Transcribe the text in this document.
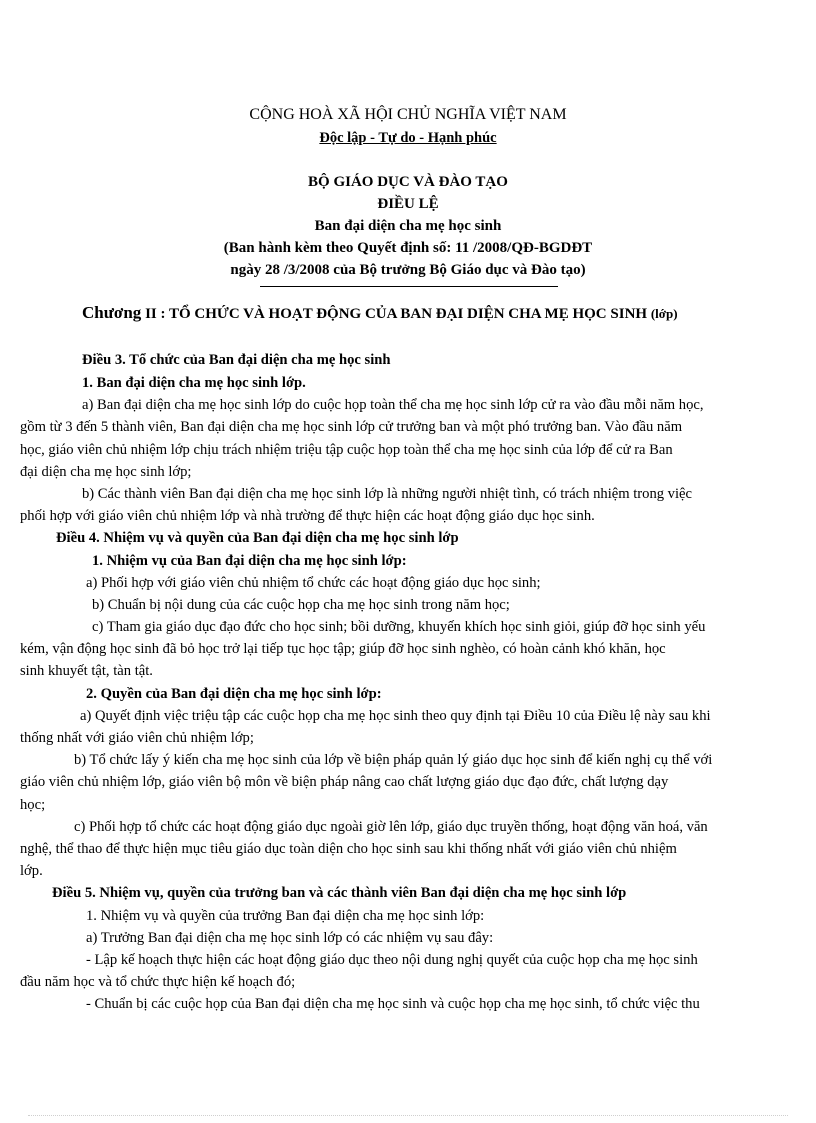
CỘNG HOÀ XÃ HỘI CHỦ NGHĨA VIỆT NAM
Độc lập - Tự do - Hạnh phúc
BỘ GIÁO DỤC VÀ ĐÀO TẠO
ĐIỀU LỆ
Ban đại diện cha mẹ học sinh
(Ban hành kèm theo Quyết định số: 11 /2008/QĐ-BGDĐT
ngày 28 /3/2008 của Bộ trưởng Bộ Giáo dục và Đào tạo)
Chương II : TỔ CHỨC VÀ HOẠT ĐỘNG CỦA BAN ĐẠI DIỆN CHA MẸ HỌC SINH (lớp)
Điều 3. Tổ chức của Ban đại diện cha mẹ học sinh
1. Ban đại diện cha mẹ học sinh lớp.
a) Ban đại diện cha mẹ học sinh lớp do cuộc họp toàn thể cha mẹ học sinh lớp cử ra vào đầu mỗi năm học,
gồm từ 3 đến 5 thành viên, Ban đại diện cha mẹ học sinh lớp cử trưởng ban và một phó trưởng ban. Vào đầu năm
học, giáo viên chủ nhiệm lớp chịu trách nhiệm triệu tập cuộc họp toàn thể cha mẹ học sinh của lớp để cử ra Ban
đại diện cha mẹ học sinh lớp;
b) Các thành viên Ban đại diện cha mẹ học sinh lớp là những người nhiệt tình, có trách nhiệm trong việc
phối hợp với giáo viên chủ nhiệm lớp và nhà trường để thực hiện các hoạt động giáo dục học sinh.
Điều 4. Nhiệm vụ và quyền của Ban đại diện cha mẹ học sinh lớp
1. Nhiệm vụ của Ban đại diện cha mẹ học sinh lớp:
a) Phối hợp với giáo viên chủ nhiệm tổ chức các hoạt động giáo dục học sinh;
b) Chuẩn bị nội dung của các cuộc họp cha mẹ học sinh trong năm học;
c) Tham gia giáo dục đạo đức cho học sinh; bồi dưỡng, khuyến khích học sinh giỏi, giúp đỡ học sinh yếu
kém, vận động học sinh đã bỏ học trở lại tiếp tục học tập; giúp đỡ học sinh nghèo, có hoàn cảnh khó khăn, học
sinh khuyết tật, tàn tật.
2. Quyền của Ban đại diện cha mẹ học sinh lớp:
a) Quyết định việc triệu tập các cuộc họp cha mẹ học sinh theo quy định tại Điều 10 của Điều lệ này sau khi
thống nhất với giáo viên chủ nhiệm lớp;
b) Tổ chức lấy ý kiến cha mẹ học sinh của lớp về biện pháp quản lý giáo dục học sinh để kiến nghị cụ thể với
giáo viên chủ nhiệm lớp, giáo viên bộ môn về biện pháp nâng cao chất lượng giáo dục đạo đức, chất lượng dạy
học;
c) Phối hợp tổ chức các hoạt động giáo dục ngoài giờ lên lớp, giáo dục truyền thống, hoạt động văn hoá, văn
nghệ, thể thao để thực hiện mục tiêu giáo dục toàn diện cho học sinh sau khi thống nhất với giáo viên chủ nhiệm
lớp.
Điều 5. Nhiệm vụ, quyền của trưởng ban và các thành viên Ban đại diện cha mẹ học sinh lớp
1. Nhiệm vụ và quyền của trưởng Ban đại diện cha mẹ học sinh lớp:
a) Trưởng Ban đại diện cha mẹ học sinh lớp có các nhiệm vụ sau đây:
- Lập kế hoạch thực hiện các hoạt động giáo dục theo nội dung nghị quyết của cuộc họp cha mẹ học sinh
đầu năm học và tổ chức thực hiện kế hoạch đó;
- Chuẩn bị các cuộc họp của Ban đại diện cha mẹ học sinh và cuộc họp cha mẹ học sinh, tổ chức việc thu
